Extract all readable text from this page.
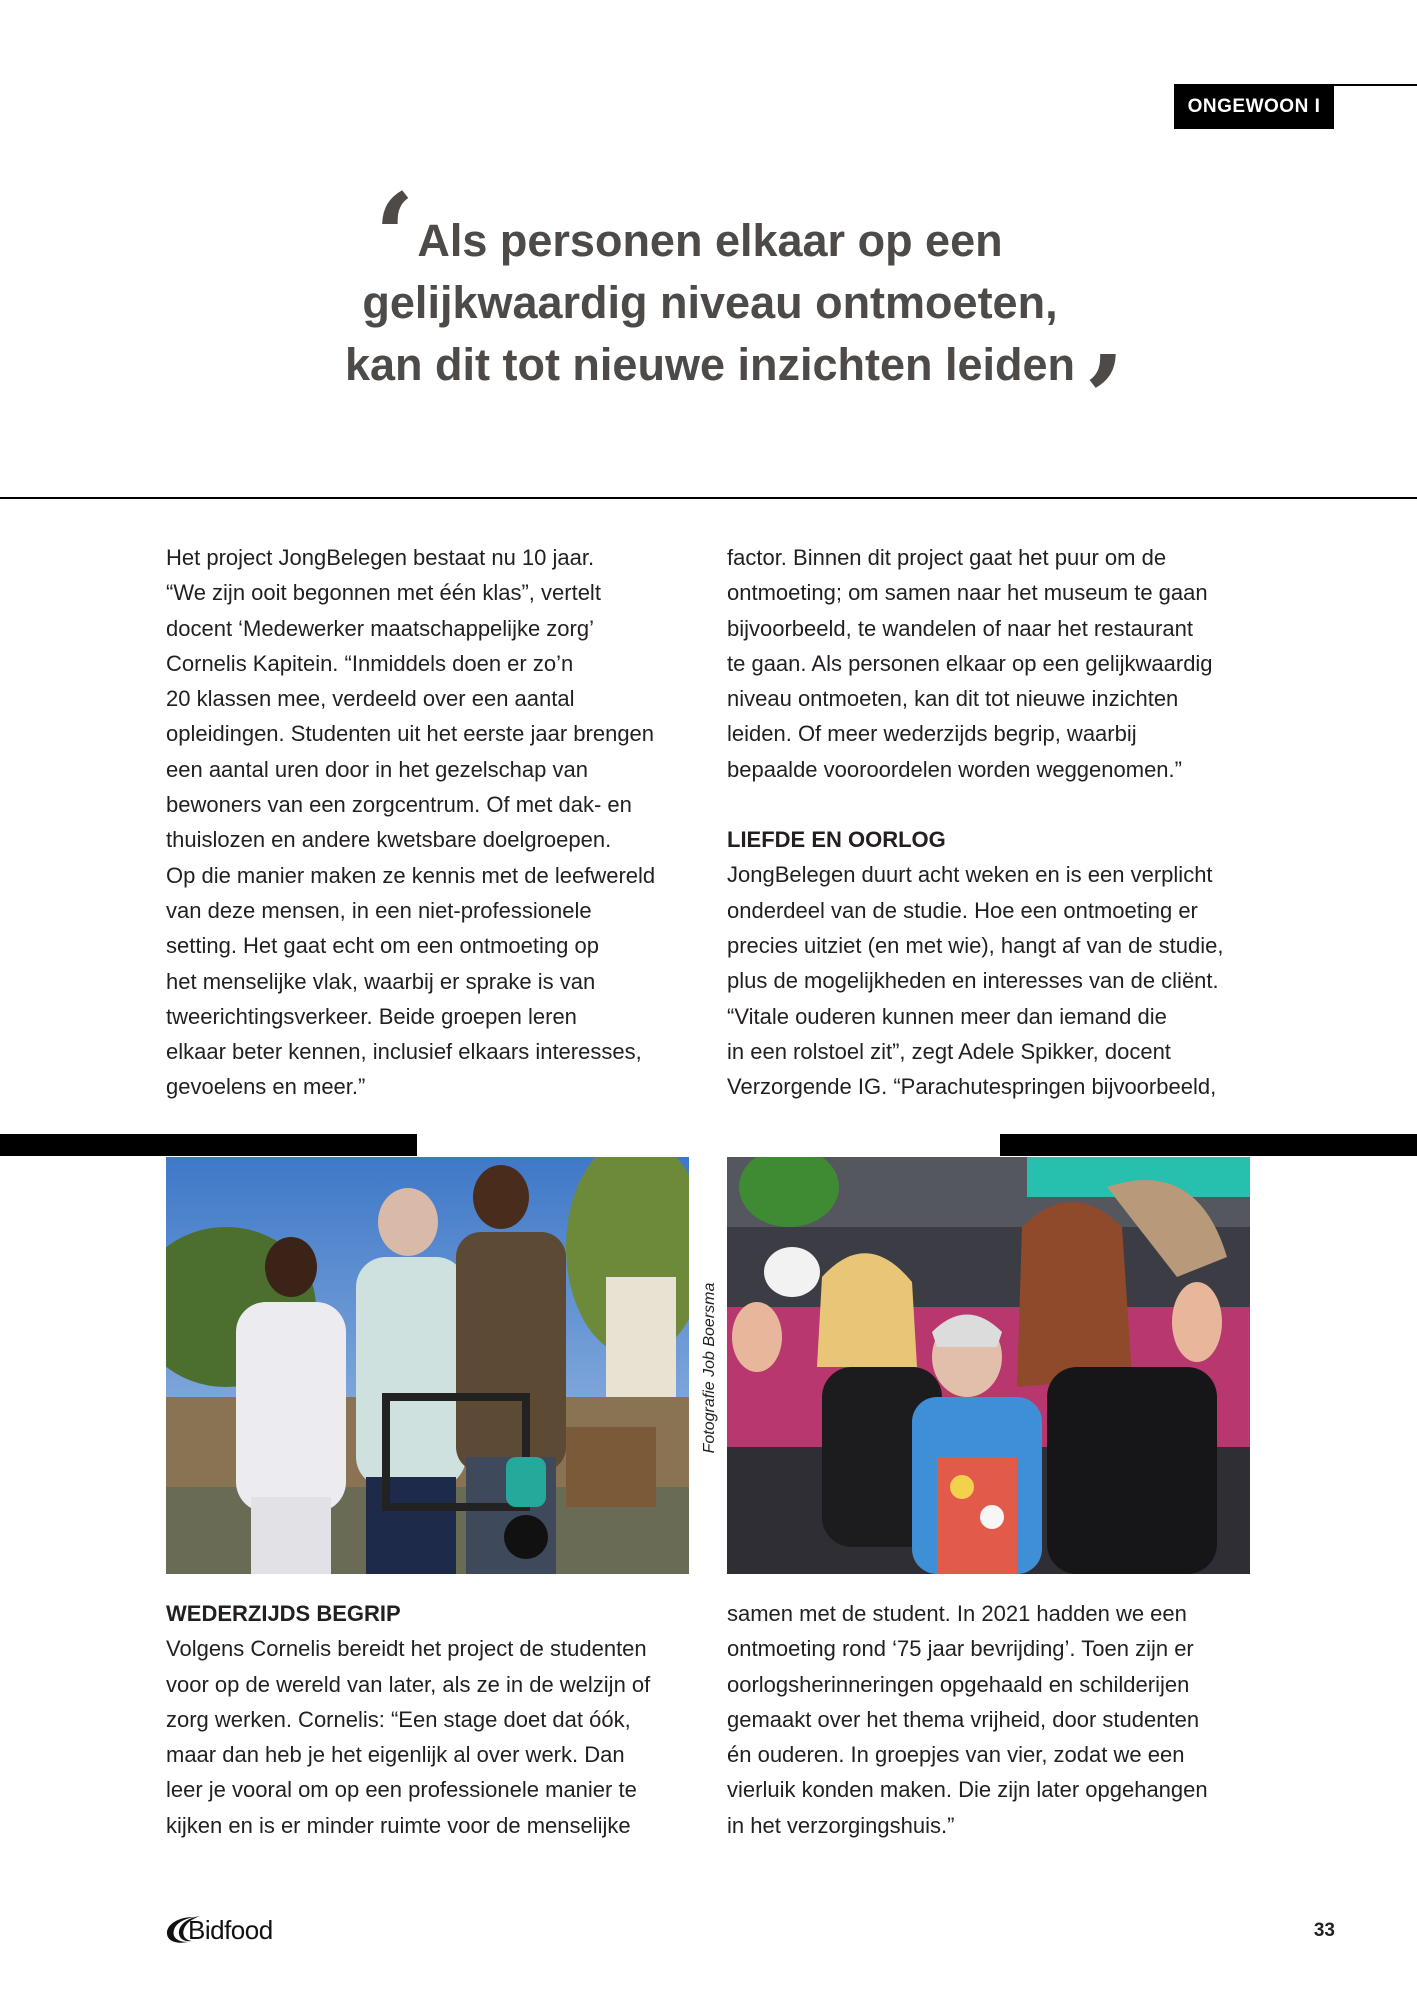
ONGEWOON I
‘ Als personen elkaar op een
gelijkwaardig niveau ontmoeten,
kan dit tot nieuwe inzichten leiden ’

Het project JongBelegen bestaat nu 10 jaar.
“We zijn ooit begonnen met één klas”, vertelt
docent ‘Medewerker maatschappelijke zorg’
Cornelis Kapitein. “Inmiddels doen er zo’n
20 klassen mee, verdeeld over een aantal
opleidingen. Studenten uit het eerste jaar brengen
een aantal uren door in het gezelschap van
bewoners van een zorgcentrum. Of met dak- en
thuislozen en andere kwetsbare doelgroepen.
Op die manier maken ze kennis met de leefwereld
van deze mensen, in een niet-professionele
setting. Het gaat echt om een ontmoeting op
het menselijke vlak, waarbij er sprake is van
tweerichtingsverkeer. Beide groepen leren
elkaar beter kennen, inclusief elkaars interesses,
gevoelens en meer.”

factor. Binnen dit project gaat het puur om de
ontmoeting; om samen naar het museum te gaan
bijvoorbeeld, te wandelen of naar het restaurant
te gaan. Als personen elkaar op een gelijkwaardig
niveau ontmoeten, kan dit tot nieuwe inzichten
leiden. Of meer wederzijds begrip, waarbij
bepaalde vooroordelen worden weggenomen.”

LIEFDE EN OORLOG

JongBelegen duurt acht weken en is een verplicht
onderdeel van de studie. Hoe een ontmoeting er
precies uitziet (en met wie), hangt af van de studie,
plus de mogelijkheden en interesses van de cliënt.
“Vitale ouderen kunnen meer dan iemand die
in een rolstoel zit”, zegt Adele Spikker, docent
Verzorgende IG. “Parachutespringen bijvoorbeeld,

Fotografie Job Boersma
WEDERZIJDS BEGRIP

Volgens Cornelis bereidt het project de studenten
voor op de wereld van later, als ze in de welzijn of
zorg werken. Cornelis: “Een stage doet dat óók,
maar dan heb je het eigenlijk al over werk. Dan
leer je vooral om op een professionele manier te
kijken en is er minder ruimte voor de menselijke

samen met de student. In 2021 hadden we een
ontmoeting rond ‘75 jaar bevrijding’. Toen zijn er
oorlogsherinneringen opgehaald en schilderijen
gemaakt over het thema vrijheid, door studenten
én ouderen. In groepjes van vier, zodat we een
vierluik konden maken. Die zijn later opgehangen
in het verzorgingshuis.”

Bidfood	33
